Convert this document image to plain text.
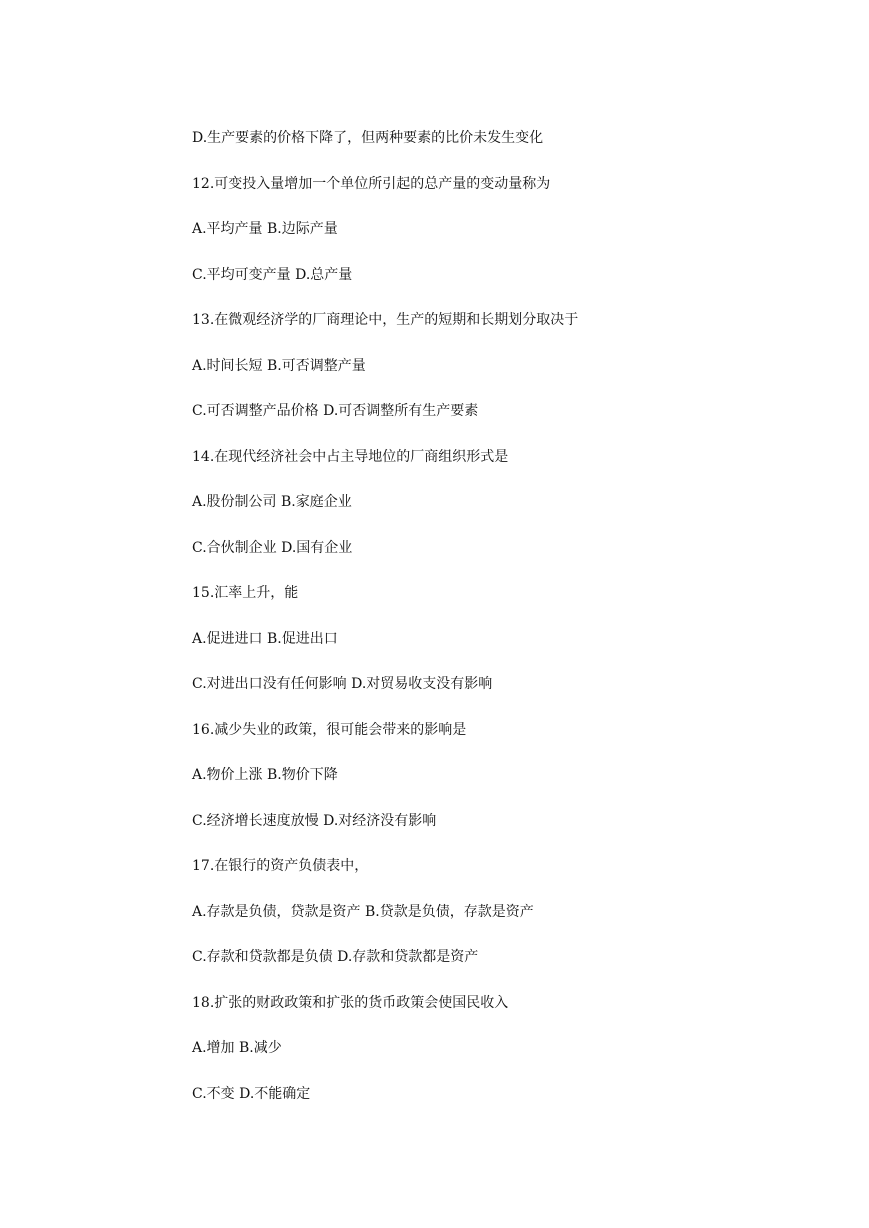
D.生产要素的价格下降了，但两种要素的比价未发生变化

12.可变投入量增加一个单位所引起的总产量的变动量称为

A.平均产量 B.边际产量

C.平均可变产量 D.总产量

13.在微观经济学的厂商理论中，生产的短期和长期划分取决于

A.时间长短 B.可否调整产量

C.可否调整产品价格 D.可否调整所有生产要素

14.在现代经济社会中占主导地位的厂商组织形式是

A.股份制公司 B.家庭企业

C.合伙制企业 D.国有企业

15.汇率上升，能

A.促进进口 B.促进出口

C.对进出口没有任何影响 D.对贸易收支没有影响

16.减少失业的政策，很可能会带来的影响是

A.物价上涨 B.物价下降

C.经济增长速度放慢 D.对经济没有影响

17.在银行的资产负债表中，

A.存款是负债，贷款是资产 B.贷款是负债，存款是资产

C.存款和贷款都是负债 D.存款和贷款都是资产

18.扩张的财政政策和扩张的货币政策会使国民收入

A.增加 B.减少

C.不变 D.不能确定
